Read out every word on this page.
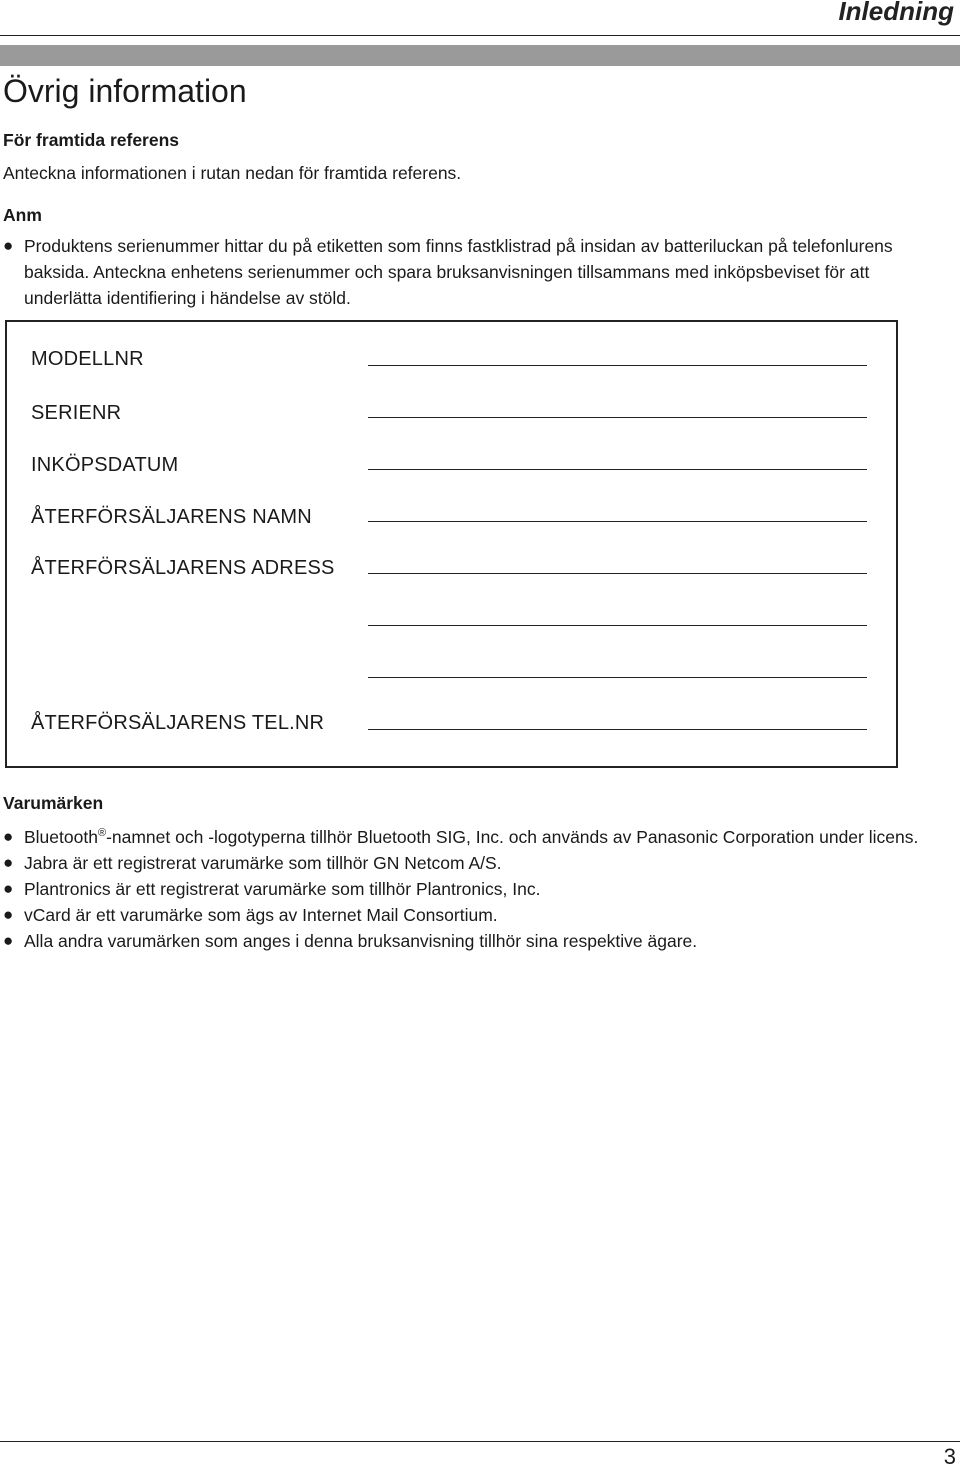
Inledning
Övrig information
För framtida referens
Anteckna informationen i rutan nedan för framtida referens.
Anm
● Produktens serienummer hittar du på etiketten som finns fastklistrad på insidan av batteriluckan på telefonlurens baksida. Anteckna enhetens serienummer och spara bruksanvisningen tillsammans med inköpsbeviset för att underlätta identifiering i händelse av stöld.
MODELLNR
SERIENR
INKÖPSDATUM
ÅTERFÖRSÄLJARENS NAMN
ÅTERFÖRSÄLJARENS ADRESS
ÅTERFÖRSÄLJARENS TEL.NR
Varumärken
● Bluetooth®-namnet och -logotyperna tillhör Bluetooth SIG, Inc. och används av Panasonic Corporation under licens.
● Jabra är ett registrerat varumärke som tillhör GN Netcom A/S.
● Plantronics är ett registrerat varumärke som tillhör Plantronics, Inc.
● vCard är ett varumärke som ägs av Internet Mail Consortium.
● Alla andra varumärken som anges i denna bruksanvisning tillhör sina respektive ägare.
3
